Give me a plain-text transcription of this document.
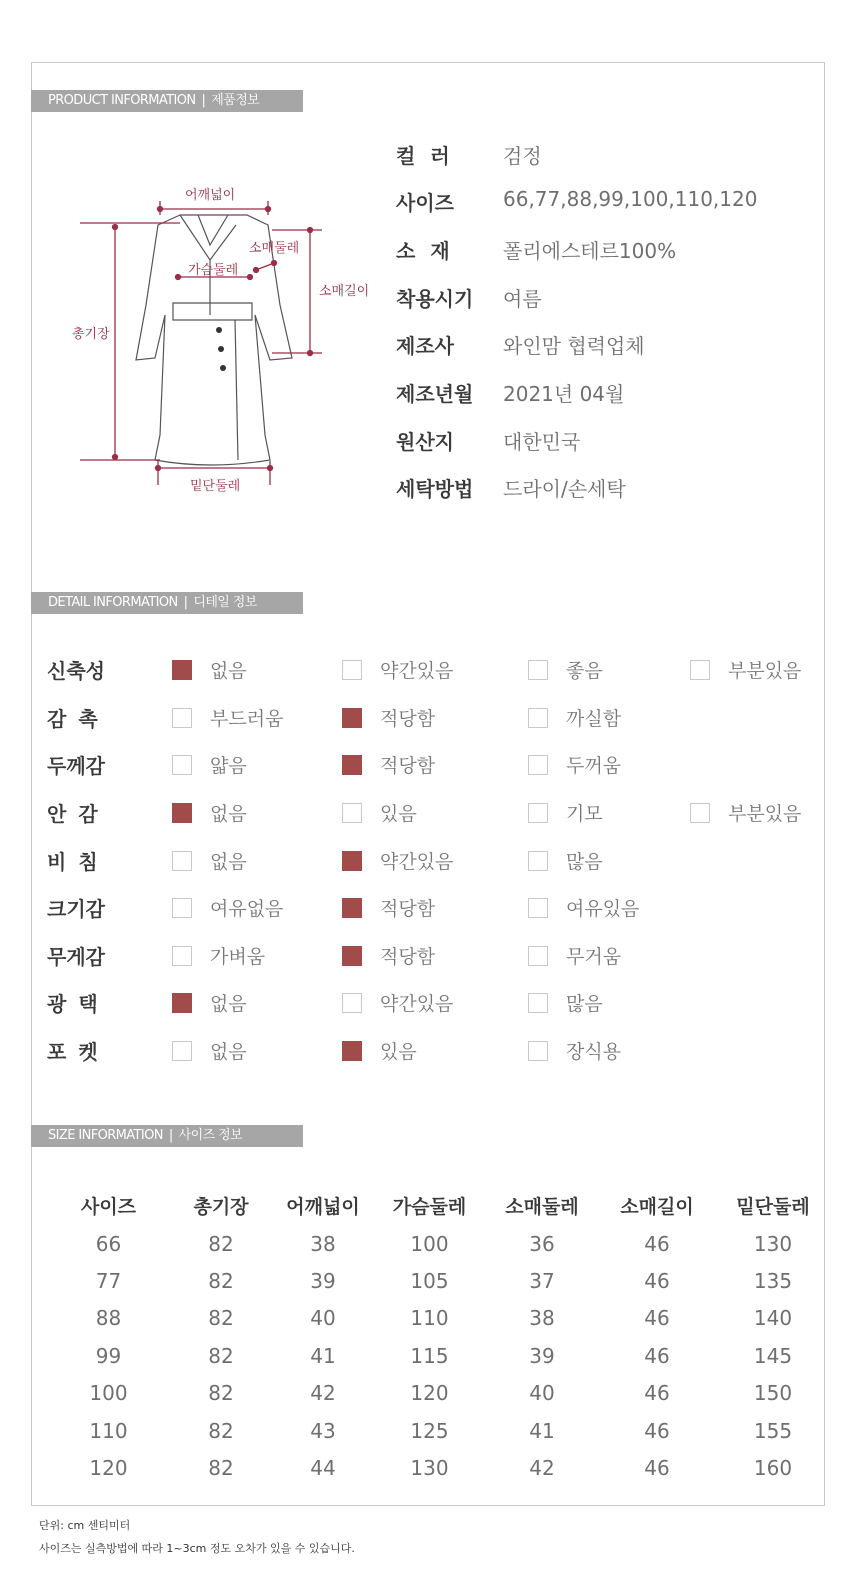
PRODUCT INFORMATION | 제품정보
어깨넓이
소매둘레
가슴둘레
소매길이
총기장
밑단둘레
컬러	검정
사이즈	66,77,88,99,100,110,120
소재	폴리에스테르100%
착용시기	여름
제조사	와인맘 협력업체
제조년월	2021년 04월
원산지	대한민국
세탁방법	드라이/손세탁
DETAIL INFORMATION | 디테일 정보
신축성	없음	약간있음	좋음	부분있음
감촉	부드러움	적당함	까실함
두께감	얇음	적당함	두꺼움
안감	없음	있음	기모	부분있음
비침	없음	약간있음	많음
크기감	여유없음	적당함	여유있음
무게감	가벼움	적당함	무거움
광택	없음	약간있음	많음
포켓	없음	있음	장식용
SIZE INFORMATION | 사이즈 정보
사이즈	총기장	어깨넓이	가슴둘레	소매둘레	소매길이	밑단둘레
66	82	38	100	36	46	130
77	82	39	105	37	46	135
88	82	40	110	38	46	140
99	82	41	115	39	46	145
100	82	42	120	40	46	150
110	82	43	125	41	46	155
120	82	44	130	42	46	160
단위: cm 센티미터
사이즈는 실측방법에 따라 1~3cm 정도 오차가 있을 수 있습니다.
